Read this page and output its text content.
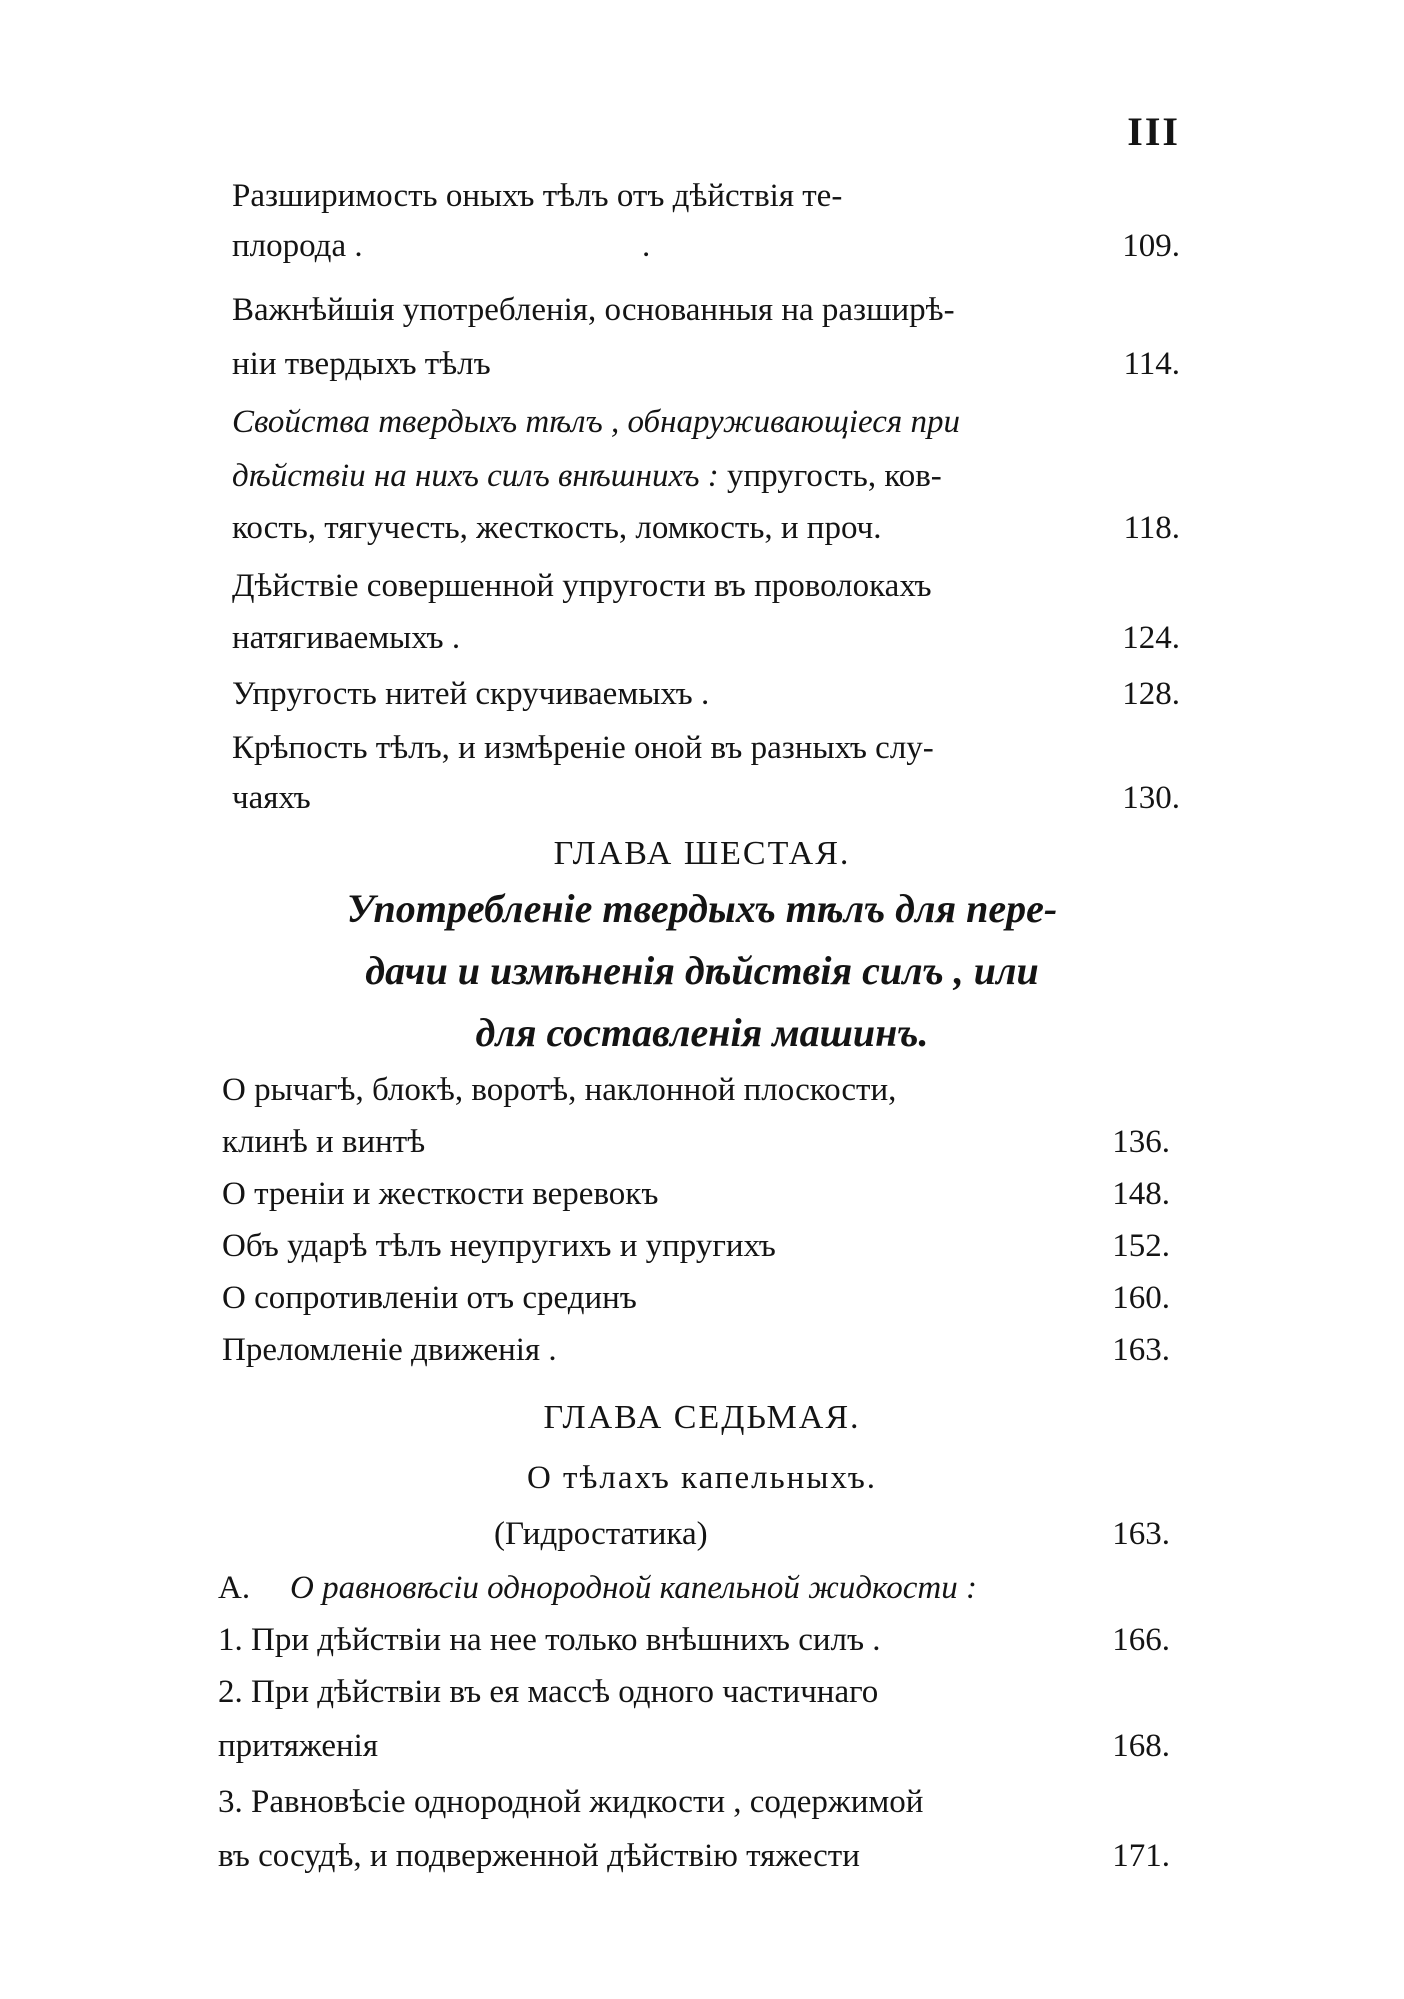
III
Разширимость оныхъ тѣлъ отъ дѣйствія те-
плорода .	.	109.
Важнѣйшія употребленія, основанныя на разширѣ-
ніи твердыхъ тѣлъ	114.
Свойства твердыхъ тѣлъ , обнаруживающіеся при
дѣйствіи на нихъ силъ внѣшнихъ : упругость, ков-
кость, тягучесть, жесткость, ломкость, и проч.	118.
Дѣйствіе совершенной упругости въ проволокахъ
натягиваемыхъ .	124.
Упругость нитей скручиваемыхъ .	128.
Крѣпость тѣлъ, и измѣреніе оной въ разныхъ слу-
чаяхъ	130.
ГЛАВА ШЕСТАЯ.
Употребленіе твердыхъ тѣлъ для пере-
дачи и измѣненія дѣйствія силъ , или
для составленія машинъ.
О рычагѣ, блокѣ, воротѣ, наклонной плоскости,
клинѣ и винтѣ	136.
О треніи и жесткости веревокъ	148.
Объ ударѣ тѣлъ неупругихъ и упругихъ	152.
О сопротивленіи отъ срединъ	160.
Преломленіе движенія .	163.
ГЛАВА СЕДЬМАЯ.
О тѣлахъ капельныхъ.
(Гидростатика)	163.
А. О равновѣсіи однородной капельной жидкости :
1. При дѣйствіи на нее только внѣшнихъ силъ .	166.
2. При дѣйствіи въ ея массѣ одного частичнаго
притяженія	168.
3. Равновѣсіе однородной жидкости , содержимой
въ сосудѣ, и подверженной дѣйствію тяжести	171.
